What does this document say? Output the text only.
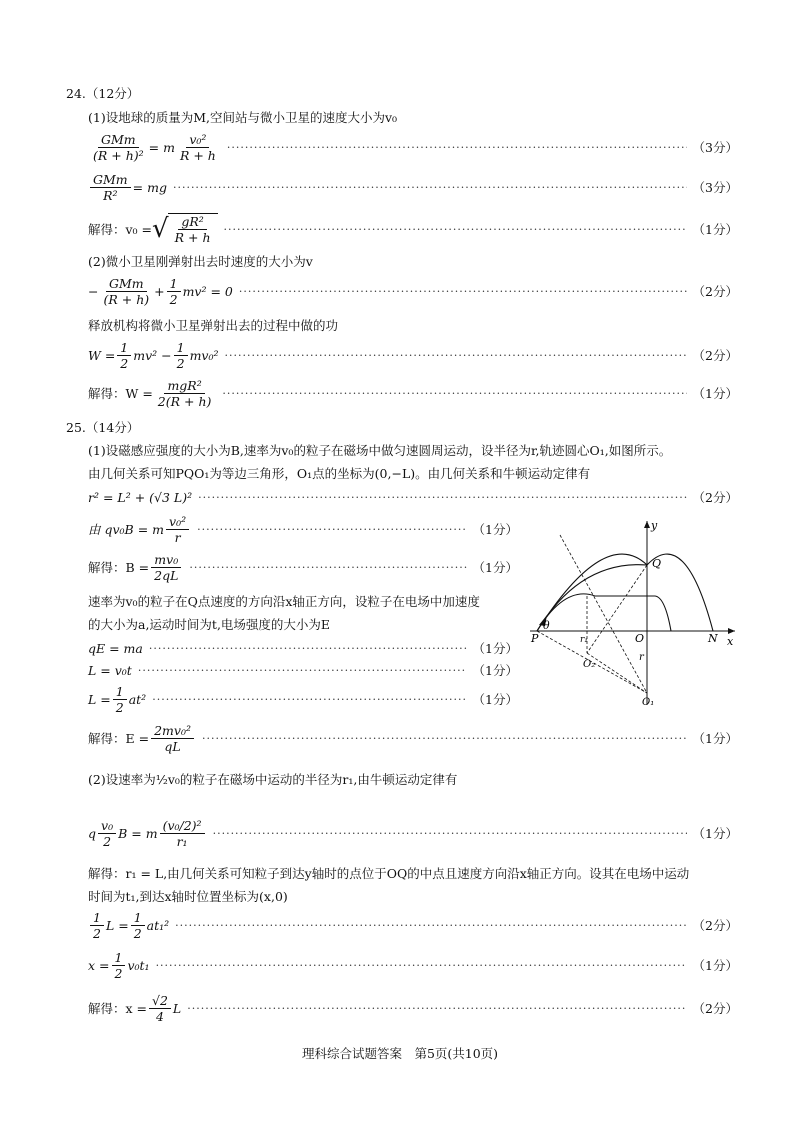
24.（12分）
(1)设地球的质量为M,空间站与微小卫星的速度大小为v₀
GMm
(R + h)²
= m
v₀²
R + h ·····	（3分）
GMm
R²
= mg ·····	（3分）
解得：v₀ = √ $\frac{\text{gR²}}{R + h}$ ·····	（1分）
(2)微小卫星刚弹射出去时速度的大小为v
−
GMm
(R + h)
+ $\frac{1}{2} mv^2 = 0$ ·····	（2分）
释放机构将微小卫星弹射出去的过程中做的功
$W = \frac{1}{2} mv^2 - \frac{1}{2} mv_0^2$ ·····	（2分）
解得：W =
mgR²
2(R + h) ·····	（1分）
25.（14分）
(1)设磁感应强度的大小为B,速率为v₀的粒子在磁场中做匀速圆周运动，设半径为r,轨迹圆心O₁,如图所示。
由几何关系可知PQO₁为等边三角形，O₁点的坐标为(0,−L)。由几何关系和牛顿运动定律有
r² = L² + (√3 L)² ·····	（2分）
由 qv₀B = m
v₀²
r ·····	（1分）
解得：$B = \frac{\text{mv₀}}{2qL}$ ·····	（1分）
速率为v₀的粒子在Q点速度的方向沿x轴正方向，设粒子在电场中加速度
的大小为a,运动时间为t,电场强度的大小为E
qE = ma ·····	（1分）
L = v₀t ·····	（1分）
$L = \frac{1}{2} at^2$ ·····	（1分）
解得：$E = \frac{\text{2mv₀²}}{qL}$ ·····	（1分）
(2)设速率为½v₀的粒子在磁场中运动的半径为r₁,由牛顿运动定律有
q
v₀
2
B = m
(v₀/2)²
r₁ ·····	（1分）
解得：r₁ = L,由几何关系可知粒子到达y轴时的点位于OQ的中点且速度方向沿x轴正方向。设其在电场中运动
时间为t₁,到达x轴时位置坐标为(x,0)
1
2
$L = \frac{1}{2} at_1^2$ ·····	（2分）
$x = \frac{1}{2} v_0t_1$ ·····	（1分）
解得：$x = \frac{√2}{4}$ L ·····	（2分）
y
x
Q
P
θ
r₁	O	N
r
O₂
O₁
理科综合试题答案　第5页(共10页)
